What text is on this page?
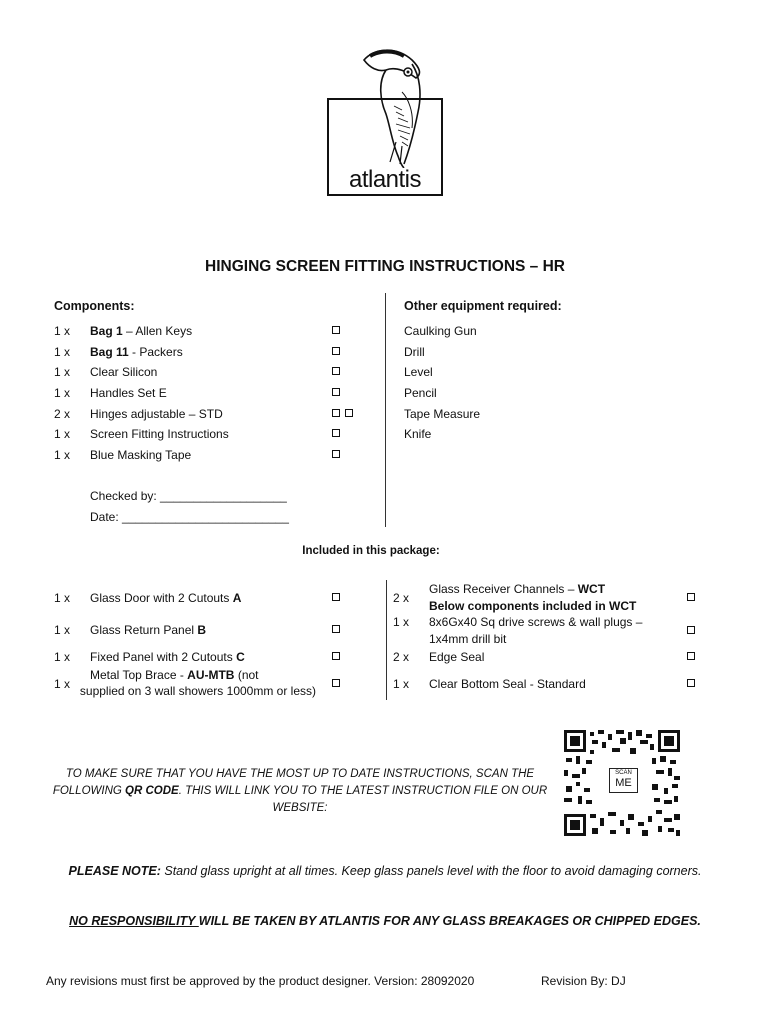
atlantis
HINGING SCREEN FITTING INSTRUCTIONS – HR
Components:
1 x Bag 1 – Allen Keys
1 x Bag 11 - Packers
1 x Clear Silicon
1 x Handles Set E
2 x Hinges adjustable – STD
1 x Screen Fitting Instructions
1 x Blue Masking Tape
Checked by: ___________________
Date: _________________________
Other equipment required:
Caulking Gun
Drill
Level
Pencil
Tape Measure
Knife
Included in this package:
1 x Glass Door with 2 Cutouts A
1 x Glass Return Panel B
1 x Fixed Panel with 2 Cutouts C
1 x
Metal Top Brace - AU-MTB (not
supplied on 3 wall showers 1000mm or less)
2 x
Glass Receiver Channels – WCT
Below components included in WCT
1 x 8x6Gx40 Sq drive screws & wall plugs –
1x4mm drill bit
2 x Edge Seal
1 x Clear Bottom Seal - Standard
TO MAKE SURE THAT YOU HAVE THE MOST UP TO DATE INSTRUCTIONS, SCAN THE FOLLOWING QR CODE. THIS WILL LINK YOU TO THE LATEST INSTRUCTION FILE ON OUR WEBSITE:
SCAN
ME
PLEASE NOTE: Stand glass upright at all times. Keep glass panels level with the floor to avoid damaging corners.
NO RESPONSIBILITY WILL BE TAKEN BY ATLANTIS FOR ANY GLASS BREAKAGES OR CHIPPED EDGES.
Any revisions must first be approved by the product designer. Version: 28092020	Revision By: DJ
